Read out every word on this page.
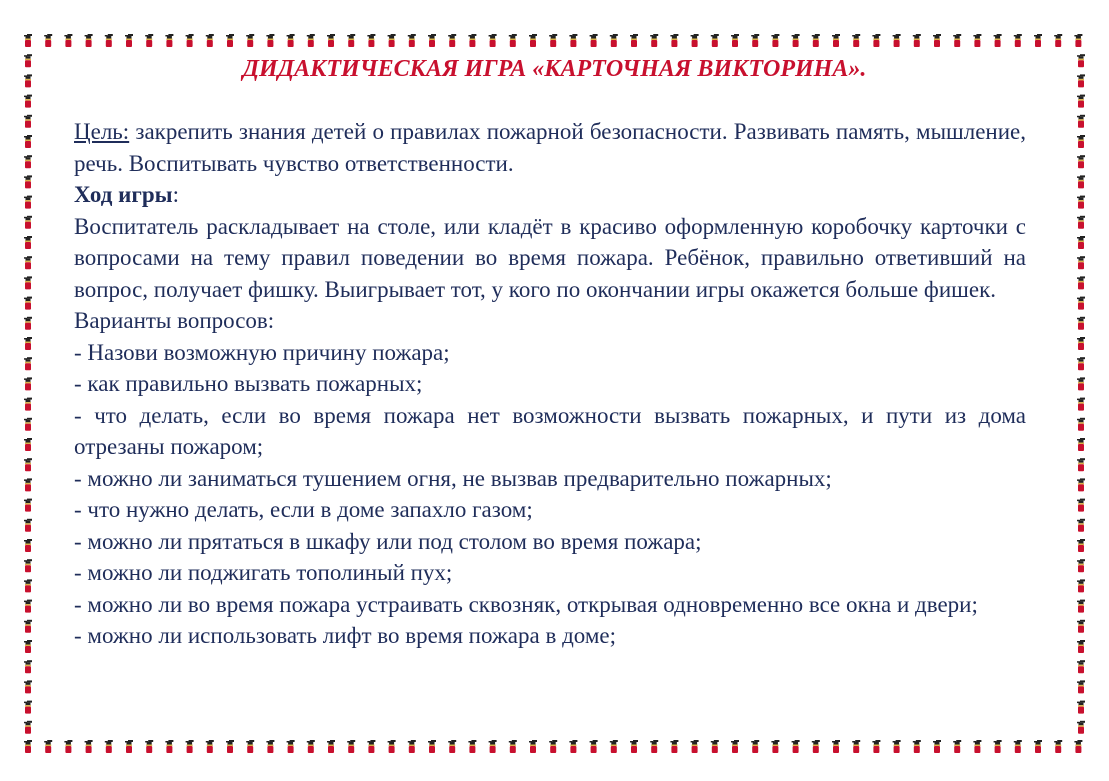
ДИДАКТИЧЕСКАЯ ИГРА «КАРТОЧНАЯ ВИКТОРИНА».

Цель: закрепить знания детей о правилах пожарной безопасности. Развивать память, мышление, речь. Воспитывать чувство ответственности.

Ход игры:

Воспитатель раскладывает на столе, или кладёт в красиво оформленную коробочку карточки с вопросами на тему правил поведении во время пожара. Ребёнок, правильно ответивший на вопрос, получает фишку. Выигрывает тот, у кого по окончании игры окажется больше фишек.

Варианты вопросов:

- Назови возможную причину пожара;

- как правильно вызвать пожарных;

- что делать, если во время пожара нет возможности вызвать пожарных, и пути из дома отрезаны пожаром;

- можно ли заниматься тушением огня, не вызвав предварительно пожарных;

- что нужно делать, если в доме запахло газом;

- можно ли прятаться в шкафу или под столом во время пожара;

- можно ли поджигать тополиный пух;

- можно ли во время пожара устраивать сквозняк, открывая одновременно все окна и двери;

- можно ли использовать лифт во время пожара в доме;
